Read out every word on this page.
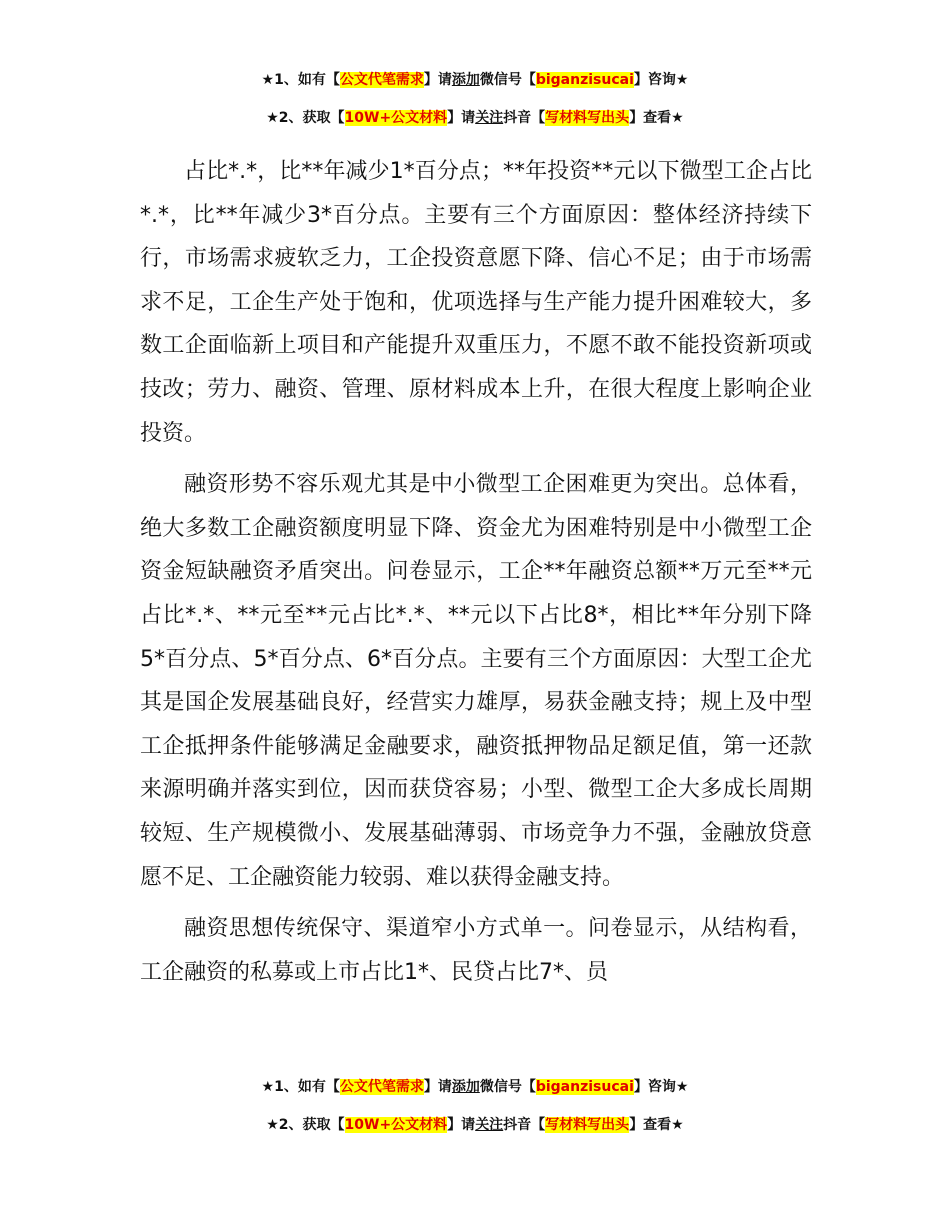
★1、如有【公文代笔需求】请添加微信号【biganzisucai】咨询★
★2、获取【10W+公文材料】请关注抖音【写材料写出头】查看★

占比*.*，比**年减少1*百分点；**年投资**元以下微型工企占比*.*，比**年减少3*百分点。主要有三个方面原因：整体经济持续下行，市场需求疲软乏力，工企投资意愿下降、信心不足；由于市场需求不足，工企生产处于饱和，优项选择与生产能力提升困难较大，多数工企面临新上项目和产能提升双重压力，不愿不敢不能投资新项或技改；劳力、融资、管理、原材料成本上升，在很大程度上影响企业投资。

融资形势不容乐观尤其是中小微型工企困难更为突出。总体看，绝大多数工企融资额度明显下降、资金尤为困难特别是中小微型工企资金短缺融资矛盾突出。问卷显示，工企**年融资总额**万元至**元占比*.*、**元至**元占比*.*、**元以下占比8*，相比**年分别下降5*百分点、5*百分点、6*百分点。主要有三个方面原因：大型工企尤其是国企发展基础良好，经营实力雄厚，易获金融支持；规上及中型工企抵押条件能够满足金融要求，融资抵押物品足额足值，第一还款来源明确并落实到位，因而获贷容易；小型、微型工企大多成长周期较短、生产规模微小、发展基础薄弱、市场竞争力不强，金融放贷意愿不足、工企融资能力较弱、难以获得金融支持。

融资思想传统保守、渠道窄小方式单一。问卷显示，从结构看，工企融资的私募或上市占比1*、民贷占比7*、员

★1、如有【公文代笔需求】请添加微信号【biganzisucai】咨询★
★2、获取【10W+公文材料】请关注抖音【写材料写出头】查看★
